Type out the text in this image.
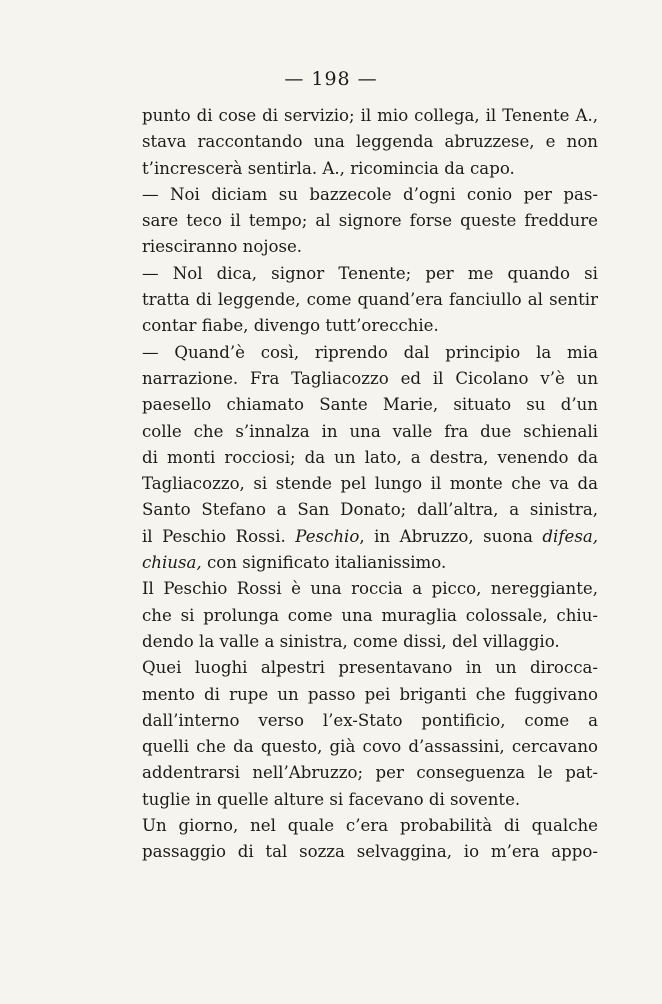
— 198 —
punto di cose di servizio; il mio collega, il Tenente A.,
stava raccontando una leggenda abruzzese, e non
t’increscerà sentirla. A., ricomincia da capo.
— Noi diciam su bazzecole d’ogni conio per pas-
sare teco il tempo; al signore forse queste freddure
riesciranno nojose.
— Nol dica, signor Tenente; per me quando si
tratta di leggende, come quand’era fanciullo al sentir
contar fiabe, divengo tutt’orecchie.
— Quand’è così, riprendo dal principio la mia
narrazione. Fra Tagliacozzo ed il Cicolano v’è un
paesello chiamato Sante Marie, situato su d’un
colle che s’innalza in una valle fra due schienali
di monti rocciosi; da un lato, a destra, venendo da
Tagliacozzo, si stende pel lungo il monte che va da
Santo Stefano a San Donato; dall’altra, a sinistra,
il Peschio Rossi. Peschio, in Abruzzo, suona difesa,
chiusa, con significato italianissimo.
Il Peschio Rossi è una roccia a picco, nereggiante,
che si prolunga come una muraglia colossale, chiu-
dendo la valle a sinistra, come dissi, del villaggio.
Quei luoghi alpestri presentavano in un dirocca-
mento di rupe un passo pei briganti che fuggivano
dall’interno verso l’ex-Stato pontificio, come a
quelli che da questo, già covo d’assassini, cercavano
addentrarsi nell’Abruzzo; per conseguenza le pat-
tuglie in quelle alture si facevano di sovente.
Un giorno, nel quale c’era probabilità di qualche
passaggio di tal sozza selvaggina, io m’era appo-
